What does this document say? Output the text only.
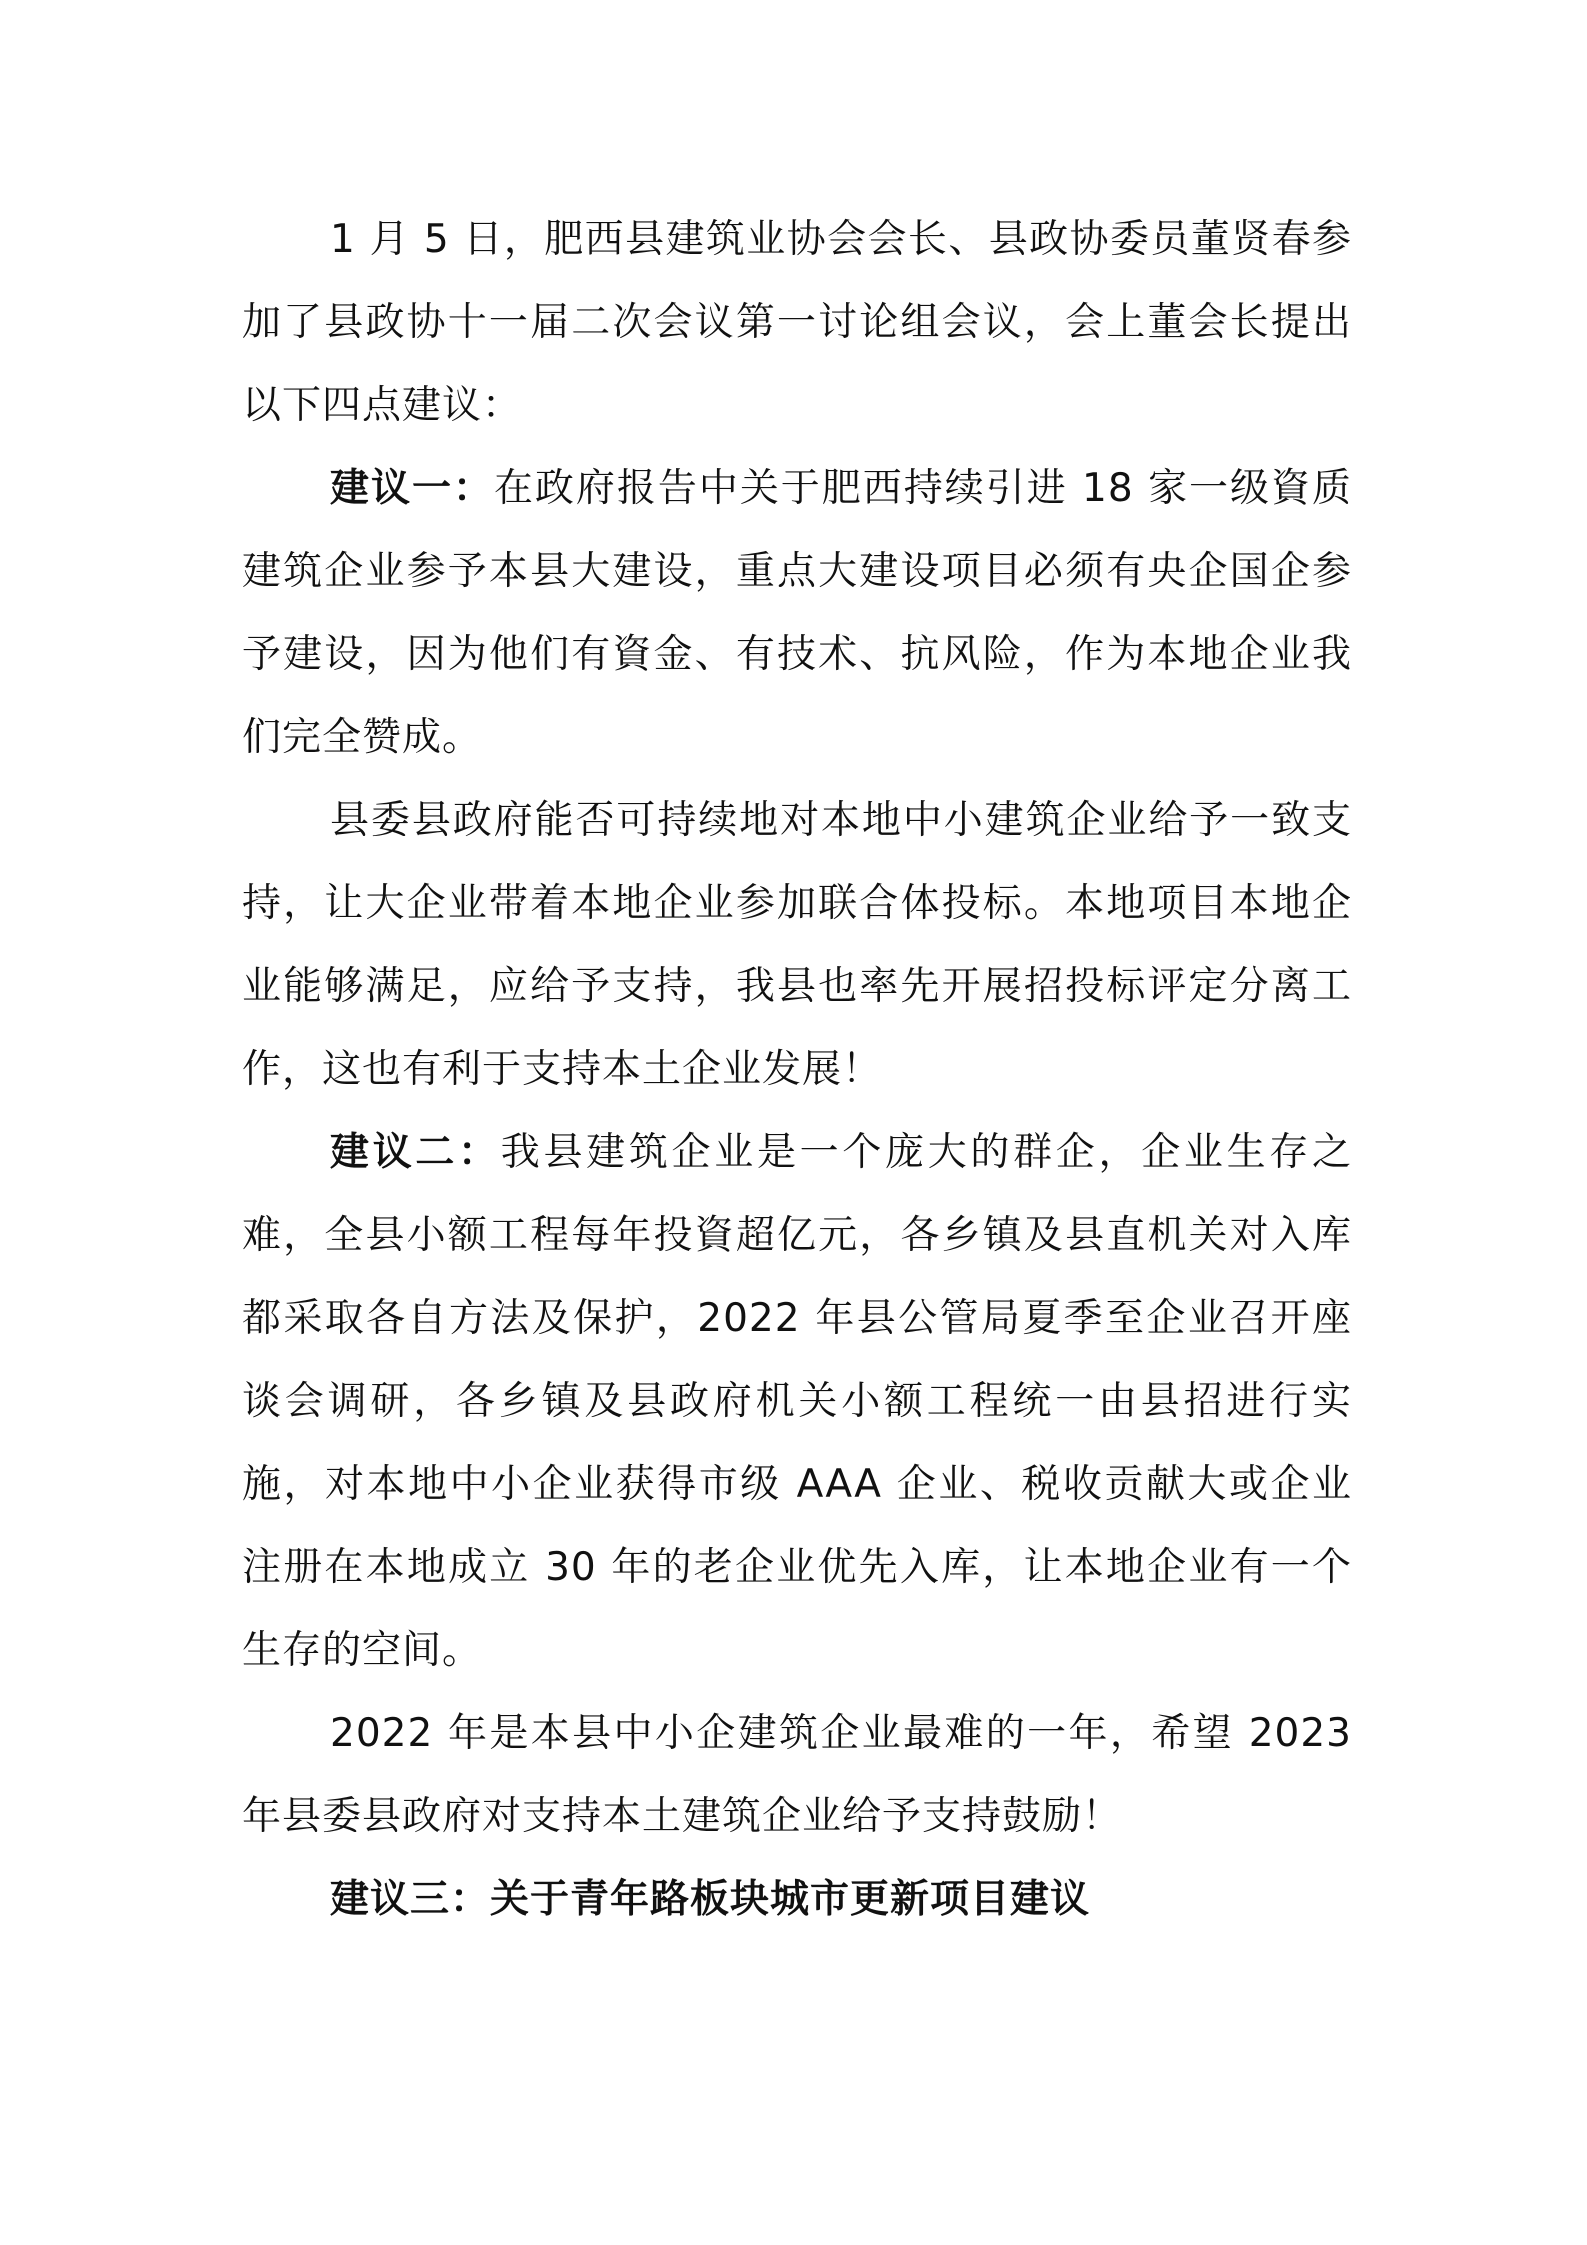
1 月 5 日，肥西县建筑业协会会长、县政协委员董贤春参加了县政协十一届二次会议第一讨论组会议，会上董会长提出以下四点建议：

建议一：在政府报告中关于肥西持续引进 18 家一级資质建筑企业参予本县大建设，重点大建设项目必须有央企国企参予建设，因为他们有資金、有技术、抗风险，作为本地企业我们完全赞成。

县委县政府能否可持续地对本地中小建筑企业给予一致支持，让大企业带着本地企业参加联合体投标。本地项目本地企业能够满足，应给予支持，我县也率先开展招投标评定分离工作，这也有利于支持本土企业发展！

建议二：我县建筑企业是一个庞大的群企，企业生存之难，全县小额工程每年投資超亿元，各乡镇及县直机关对入库都采取各自方法及保护，2022 年县公管局夏季至企业召开座谈会调研，各乡镇及县政府机关小额工程统一由县招进行实施，对本地中小企业获得市级 AAA 企业、税收贡献大或企业注册在本地成立 30 年的老企业优先入库，让本地企业有一个生存的空间。

2022 年是本县中小企建筑企业最难的一年，希望 2023 年县委县政府对支持本土建筑企业给予支持鼓励！

建议三：关于青年路板块城市更新项目建议
